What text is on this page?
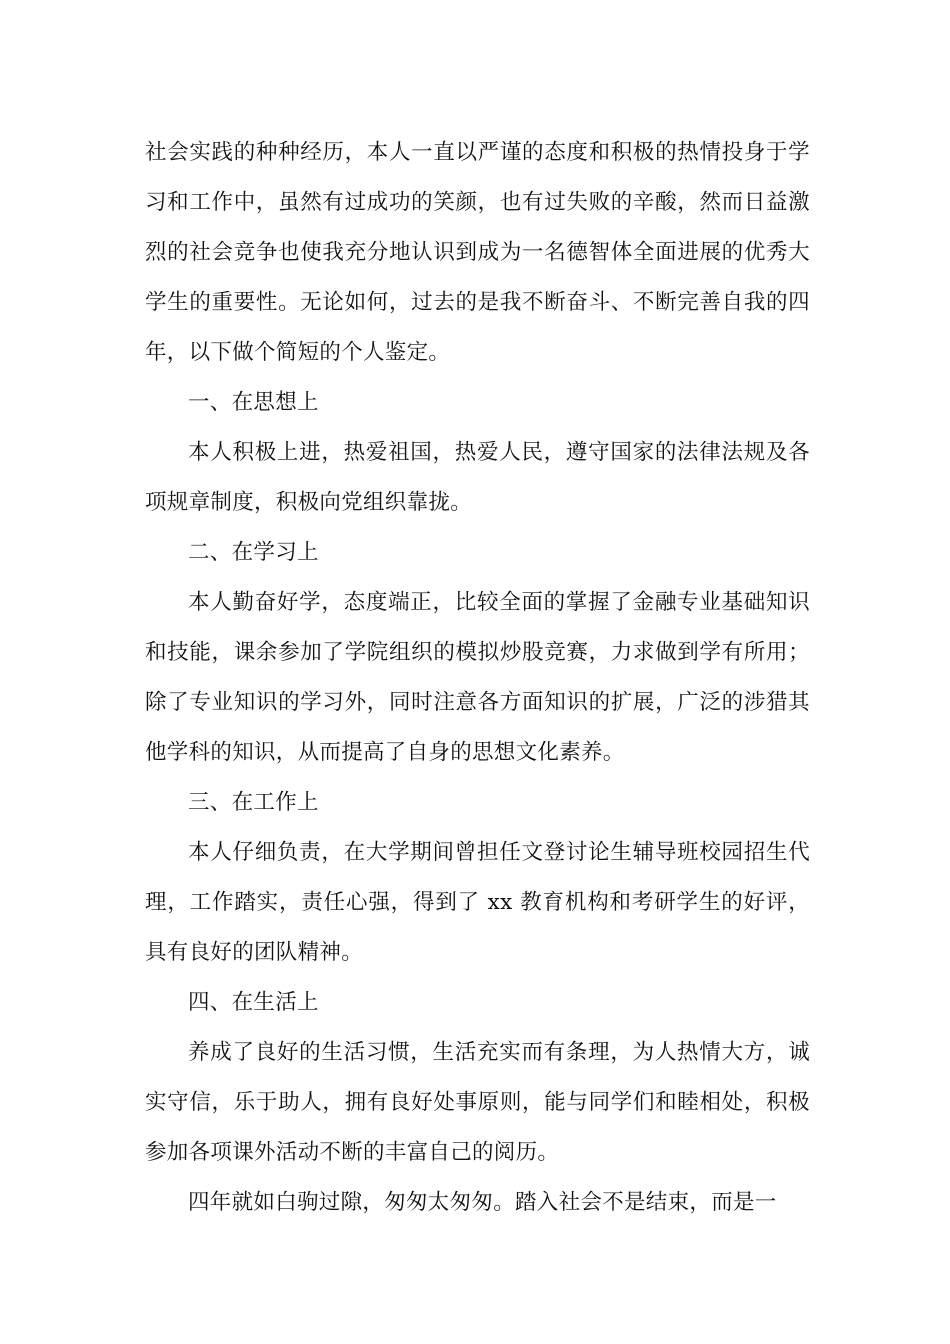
社会实践的种种经历，本人一直以严谨的态度和积极的热情投身于学习和工作中，虽然有过成功的笑颜，也有过失败的辛酸，然而日益激烈的社会竞争也使我充分地认识到成为一名德智体全面进展的优秀大学生的重要性。无论如何，过去的是我不断奋斗、不断完善自我的四年，以下做个简短的个人鉴定。

一、在思想上

本人积极上进，热爱祖国，热爱人民，遵守国家的法律法规及各项规章制度，积极向党组织靠拢。

二、在学习上

本人勤奋好学，态度端正，比较全面的掌握了金融专业基础知识和技能，课余参加了学院组织的模拟炒股竞赛，力求做到学有所用；除了专业知识的学习外，同时注意各方面知识的扩展，广泛的涉猎其他学科的知识，从而提高了自身的思想文化素养。

三、在工作上

本人仔细负责，在大学期间曾担任文登讨论生辅导班校园招生代理，工作踏实，责任心强，得到了 xx 教育机构和考研学生的好评，具有良好的团队精神。

四、在生活上

养成了良好的生活习惯，生活充实而有条理，为人热情大方，诚实守信，乐于助人，拥有良好处事原则，能与同学们和睦相处，积极参加各项课外活动不断的丰富自己的阅历。

四年就如白驹过隙，匆匆太匆匆。踏入社会不是结束，而是一
